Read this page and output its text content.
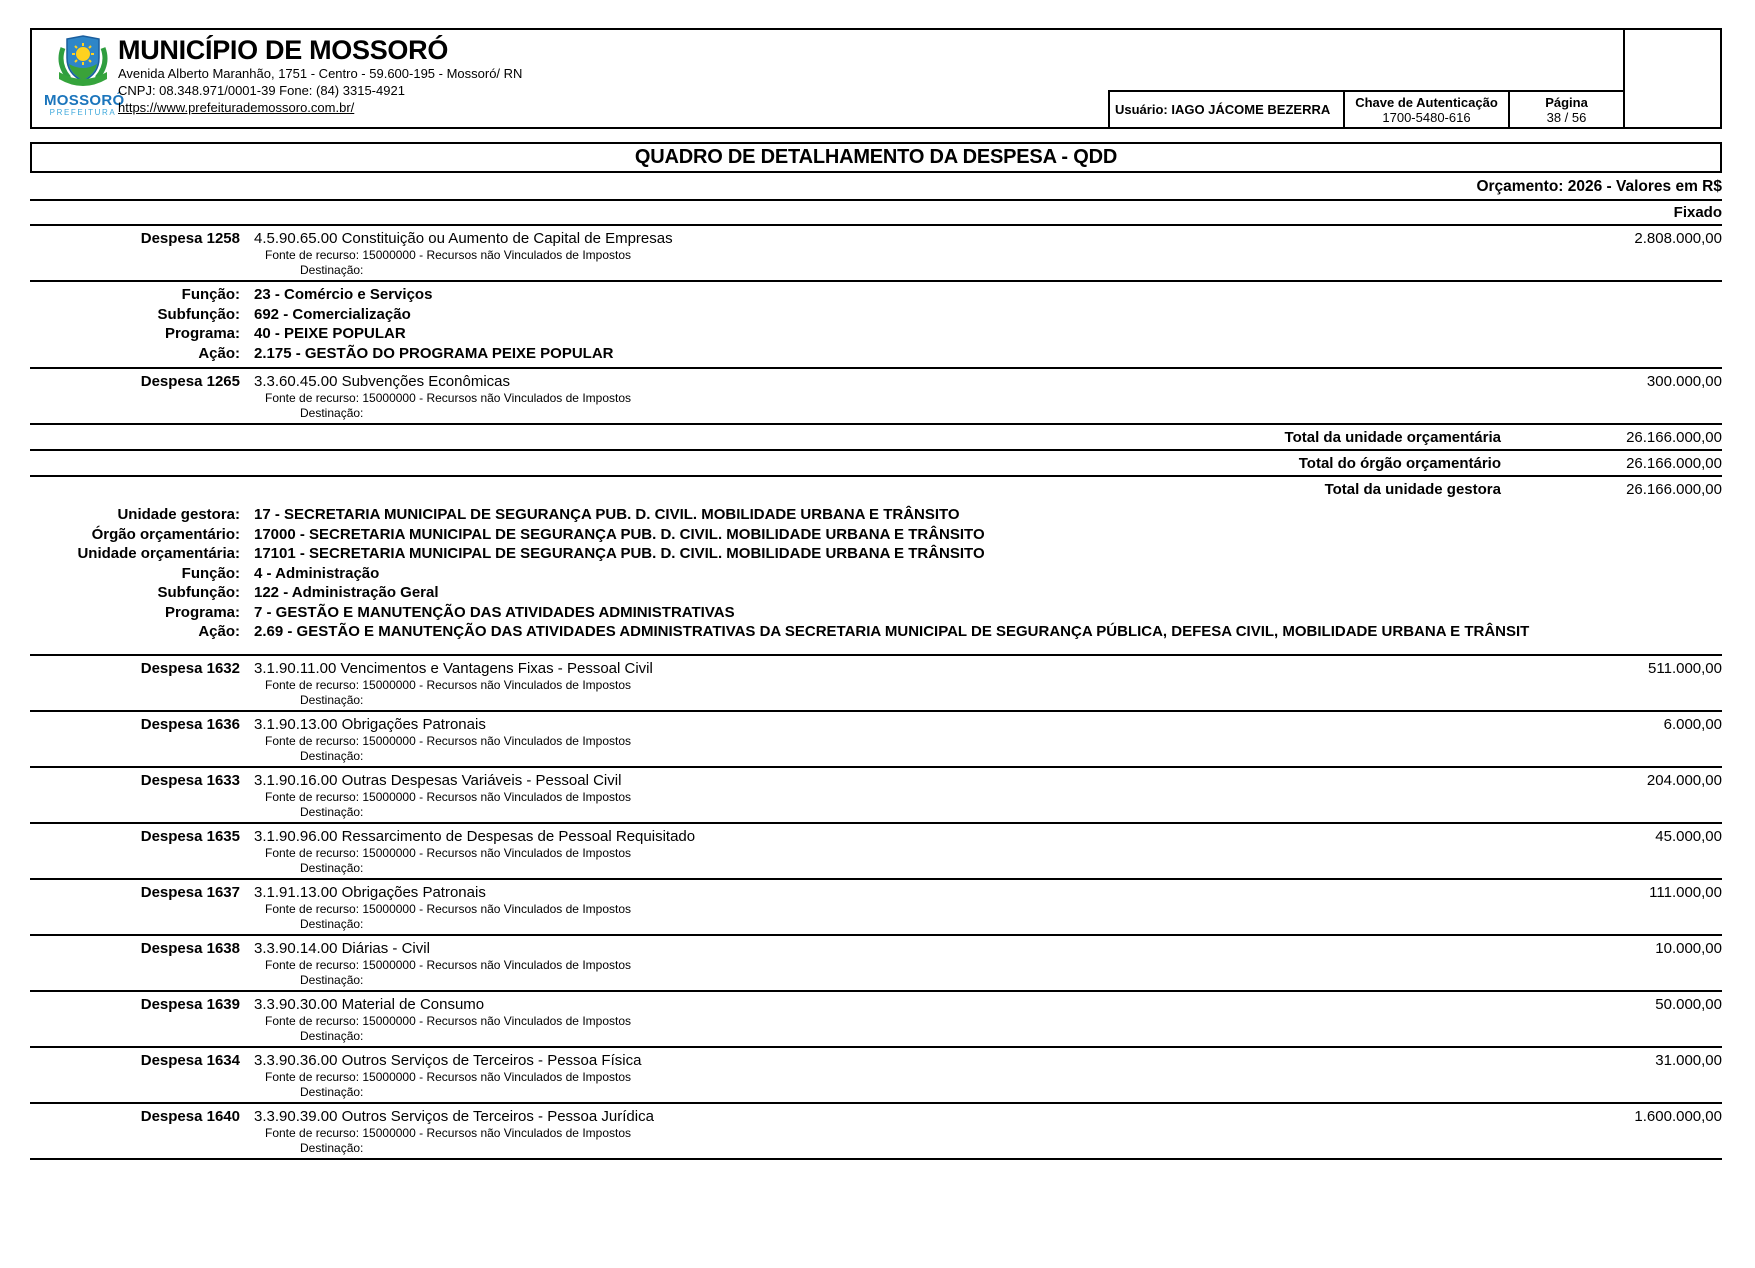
MOSSORÓ
PREFEITURA
MUNICÍPIO DE MOSSORÓ
Avenida Alberto Maranhão, 1751 - Centro - 59.600-195 - Mossoró/ RN
CNPJ: 08.348.971/0001-39 Fone: (84) 3315-4921
https://www.prefeiturademossoro.com.br/	Usuário: IAGO JÁCOME BEZERRA Chave de Autenticação
1700-5480-616
Página
38 / 56
QUADRO DE DETALHAMENTO DA DESPESA - QDD
Orçamento: 2026 - Valores em R$
Fixado
Despesa 1258 4.5.90.65.00 Constituição ou Aumento de Capital de Empresas
Fonte de recurso: 15000000 - Recursos não Vinculados de Impostos
Destinação:
2.808.000,00
Função: 23 - Comércio e Serviços
Subfunção: 692 - Comercialização
Programa: 40 - PEIXE POPULAR
Ação: 2.175 - GESTÃO DO PROGRAMA PEIXE POPULAR
Despesa 1265 3.3.60.45.00 Subvenções Econômicas
Fonte de recurso: 15000000 - Recursos não Vinculados de Impostos
Destinação:
300.000,00
Total da unidade orçamentária	26.166.000,00
Total do órgão orçamentário	26.166.000,00
Total da unidade gestora	26.166.000,00
Unidade gestora: 17 - SECRETARIA MUNICIPAL DE SEGURANÇA PUB. D. CIVIL. MOBILIDADE URBANA E TRÂNSITO
Órgão orçamentário: 17000 - SECRETARIA MUNICIPAL DE SEGURANÇA PUB. D. CIVIL. MOBILIDADE URBANA E TRÂNSITO
Unidade orçamentária: 17101 - SECRETARIA MUNICIPAL DE SEGURANÇA PUB. D. CIVIL. MOBILIDADE URBANA E TRÂNSITO
Função: 4 - Administração
Subfunção: 122 - Administração Geral
Programa: 7 - GESTÃO E MANUTENÇÃO DAS ATIVIDADES ADMINISTRATIVAS
Ação: 2.69 - GESTÃO E MANUTENÇÃO DAS ATIVIDADES ADMINISTRATIVAS DA SECRETARIA MUNICIPAL DE SEGURANÇA PÚBLICA, DEFESA CIVIL, MOBILIDADE URBANA E TRÂNSIT
Despesa 1632 3.1.90.11.00 Vencimentos e Vantagens Fixas - Pessoal Civil
Fonte de recurso: 15000000 - Recursos não Vinculados de Impostos
Destinação:
511.000,00
Despesa 1636 3.1.90.13.00 Obrigações Patronais
Fonte de recurso: 15000000 - Recursos não Vinculados de Impostos
Destinação:
6.000,00
Despesa 1633 3.1.90.16.00 Outras Despesas Variáveis - Pessoal Civil
Fonte de recurso: 15000000 - Recursos não Vinculados de Impostos
Destinação:
204.000,00
Despesa 1635 3.1.90.96.00 Ressarcimento de Despesas de Pessoal Requisitado
Fonte de recurso: 15000000 - Recursos não Vinculados de Impostos
Destinação:
45.000,00
Despesa 1637 3.1.91.13.00 Obrigações Patronais
Fonte de recurso: 15000000 - Recursos não Vinculados de Impostos
Destinação:
111.000,00
Despesa 1638 3.3.90.14.00 Diárias - Civil
Fonte de recurso: 15000000 - Recursos não Vinculados de Impostos
Destinação:
10.000,00
Despesa 1639 3.3.90.30.00 Material de Consumo
Fonte de recurso: 15000000 - Recursos não Vinculados de Impostos
Destinação:
50.000,00
Despesa 1634 3.3.90.36.00 Outros Serviços de Terceiros - Pessoa Física
Fonte de recurso: 15000000 - Recursos não Vinculados de Impostos
Destinação:
31.000,00
Despesa 1640 3.3.90.39.00 Outros Serviços de Terceiros - Pessoa Jurídica
Fonte de recurso: 15000000 - Recursos não Vinculados de Impostos
Destinação:
1.600.000,00
